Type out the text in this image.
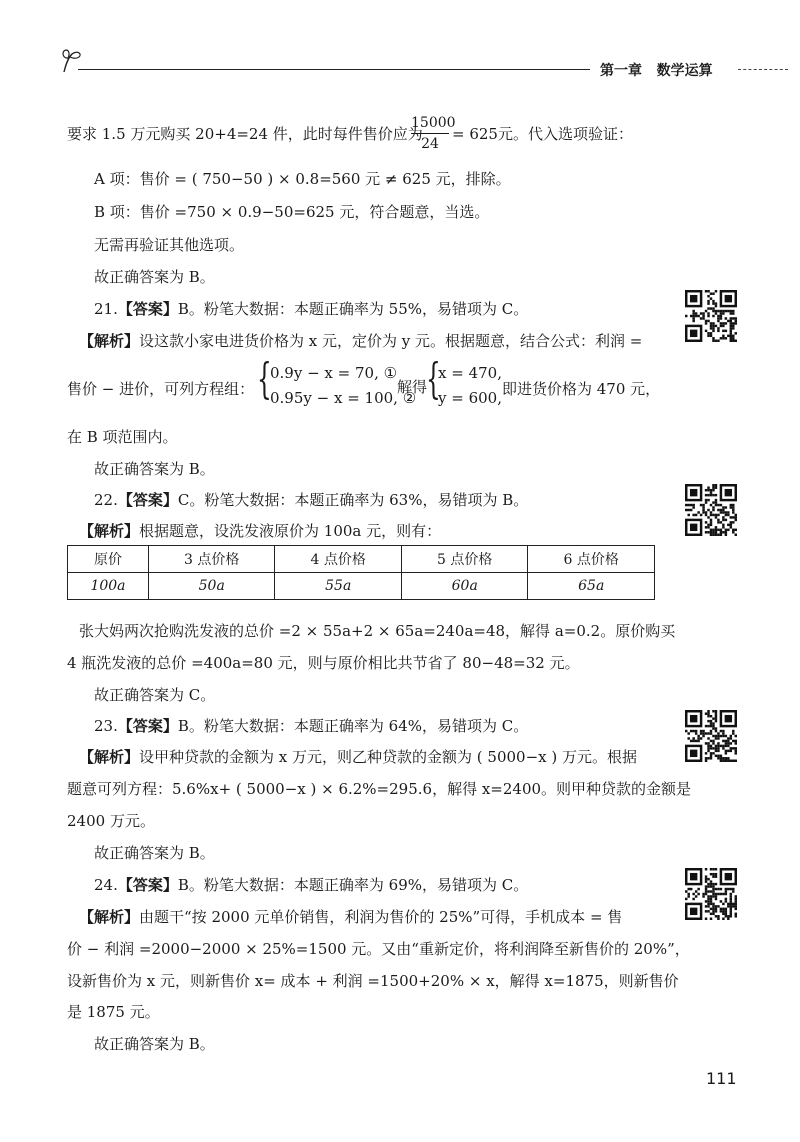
第一章 数学运算
要求 1.5 万元购买 20+4=24 件，此时每件售价应为
15000
24
= 625元。代入选项验证：
A 项：售价 = ( 750−50 ) × 0.8=560 元 ≠ 625 元，排除。
B 项：售价 =750 × 0.9−50=625 元，符合题意，当选。
无需再验证其他选项。
故正确答案为 B。
21.【答案】B。粉笔大数据：本题正确率为 55%，易错项为 C。
【解析】设这款小家电进货价格为 x 元，定价为 y 元。根据题意，结合公式：利润 =
售价 − 进价，可列方程组： {
0.9y − x = 70, ①
0.95y − x = 100, ②
解得
{
x = 470,
y = 600, 即进货价格为 470 元，
在 B 项范围内。
故正确答案为 B。
22.【答案】C。粉笔大数据：本题正确率为 63%，易错项为 B。
【解析】根据题意，设洗发液原价为 100a 元，则有：
原价	3 点价格	4 点价格	5 点价格	6 点价格
100a	50a	55a	60a	65a
张大妈两次抢购洗发液的总价 =2 × 55a+2 × 65a=240a=48，解得 a=0.2。原价购买
4 瓶洗发液的总价 =400a=80 元，则与原价相比共节省了 80−48=32 元。
故正确答案为 C。
23.【答案】B。粉笔大数据：本题正确率为 64%，易错项为 C。
【解析】设甲种贷款的金额为 x 万元，则乙种贷款的金额为 ( 5000−x ) 万元。根据
题意可列方程：5.6%x+ ( 5000−x ) × 6.2%=295.6，解得 x=2400。则甲种贷款的金额是
2400 万元。
故正确答案为 B。
24.【答案】B。粉笔大数据：本题正确率为 69%，易错项为 C。
【解析】由题干“按 2000 元单价销售，利润为售价的 25%”可得，手机成本 = 售
价 − 利润 =2000−2000 × 25%=1500 元。又由“重新定价，将利润降至新售价的 20%”，
设新售价为 x 元，则新售价 x= 成本 + 利润 =1500+20% × x，解得 x=1875，则新售价
是 1875 元。
故正确答案为 B。
111
